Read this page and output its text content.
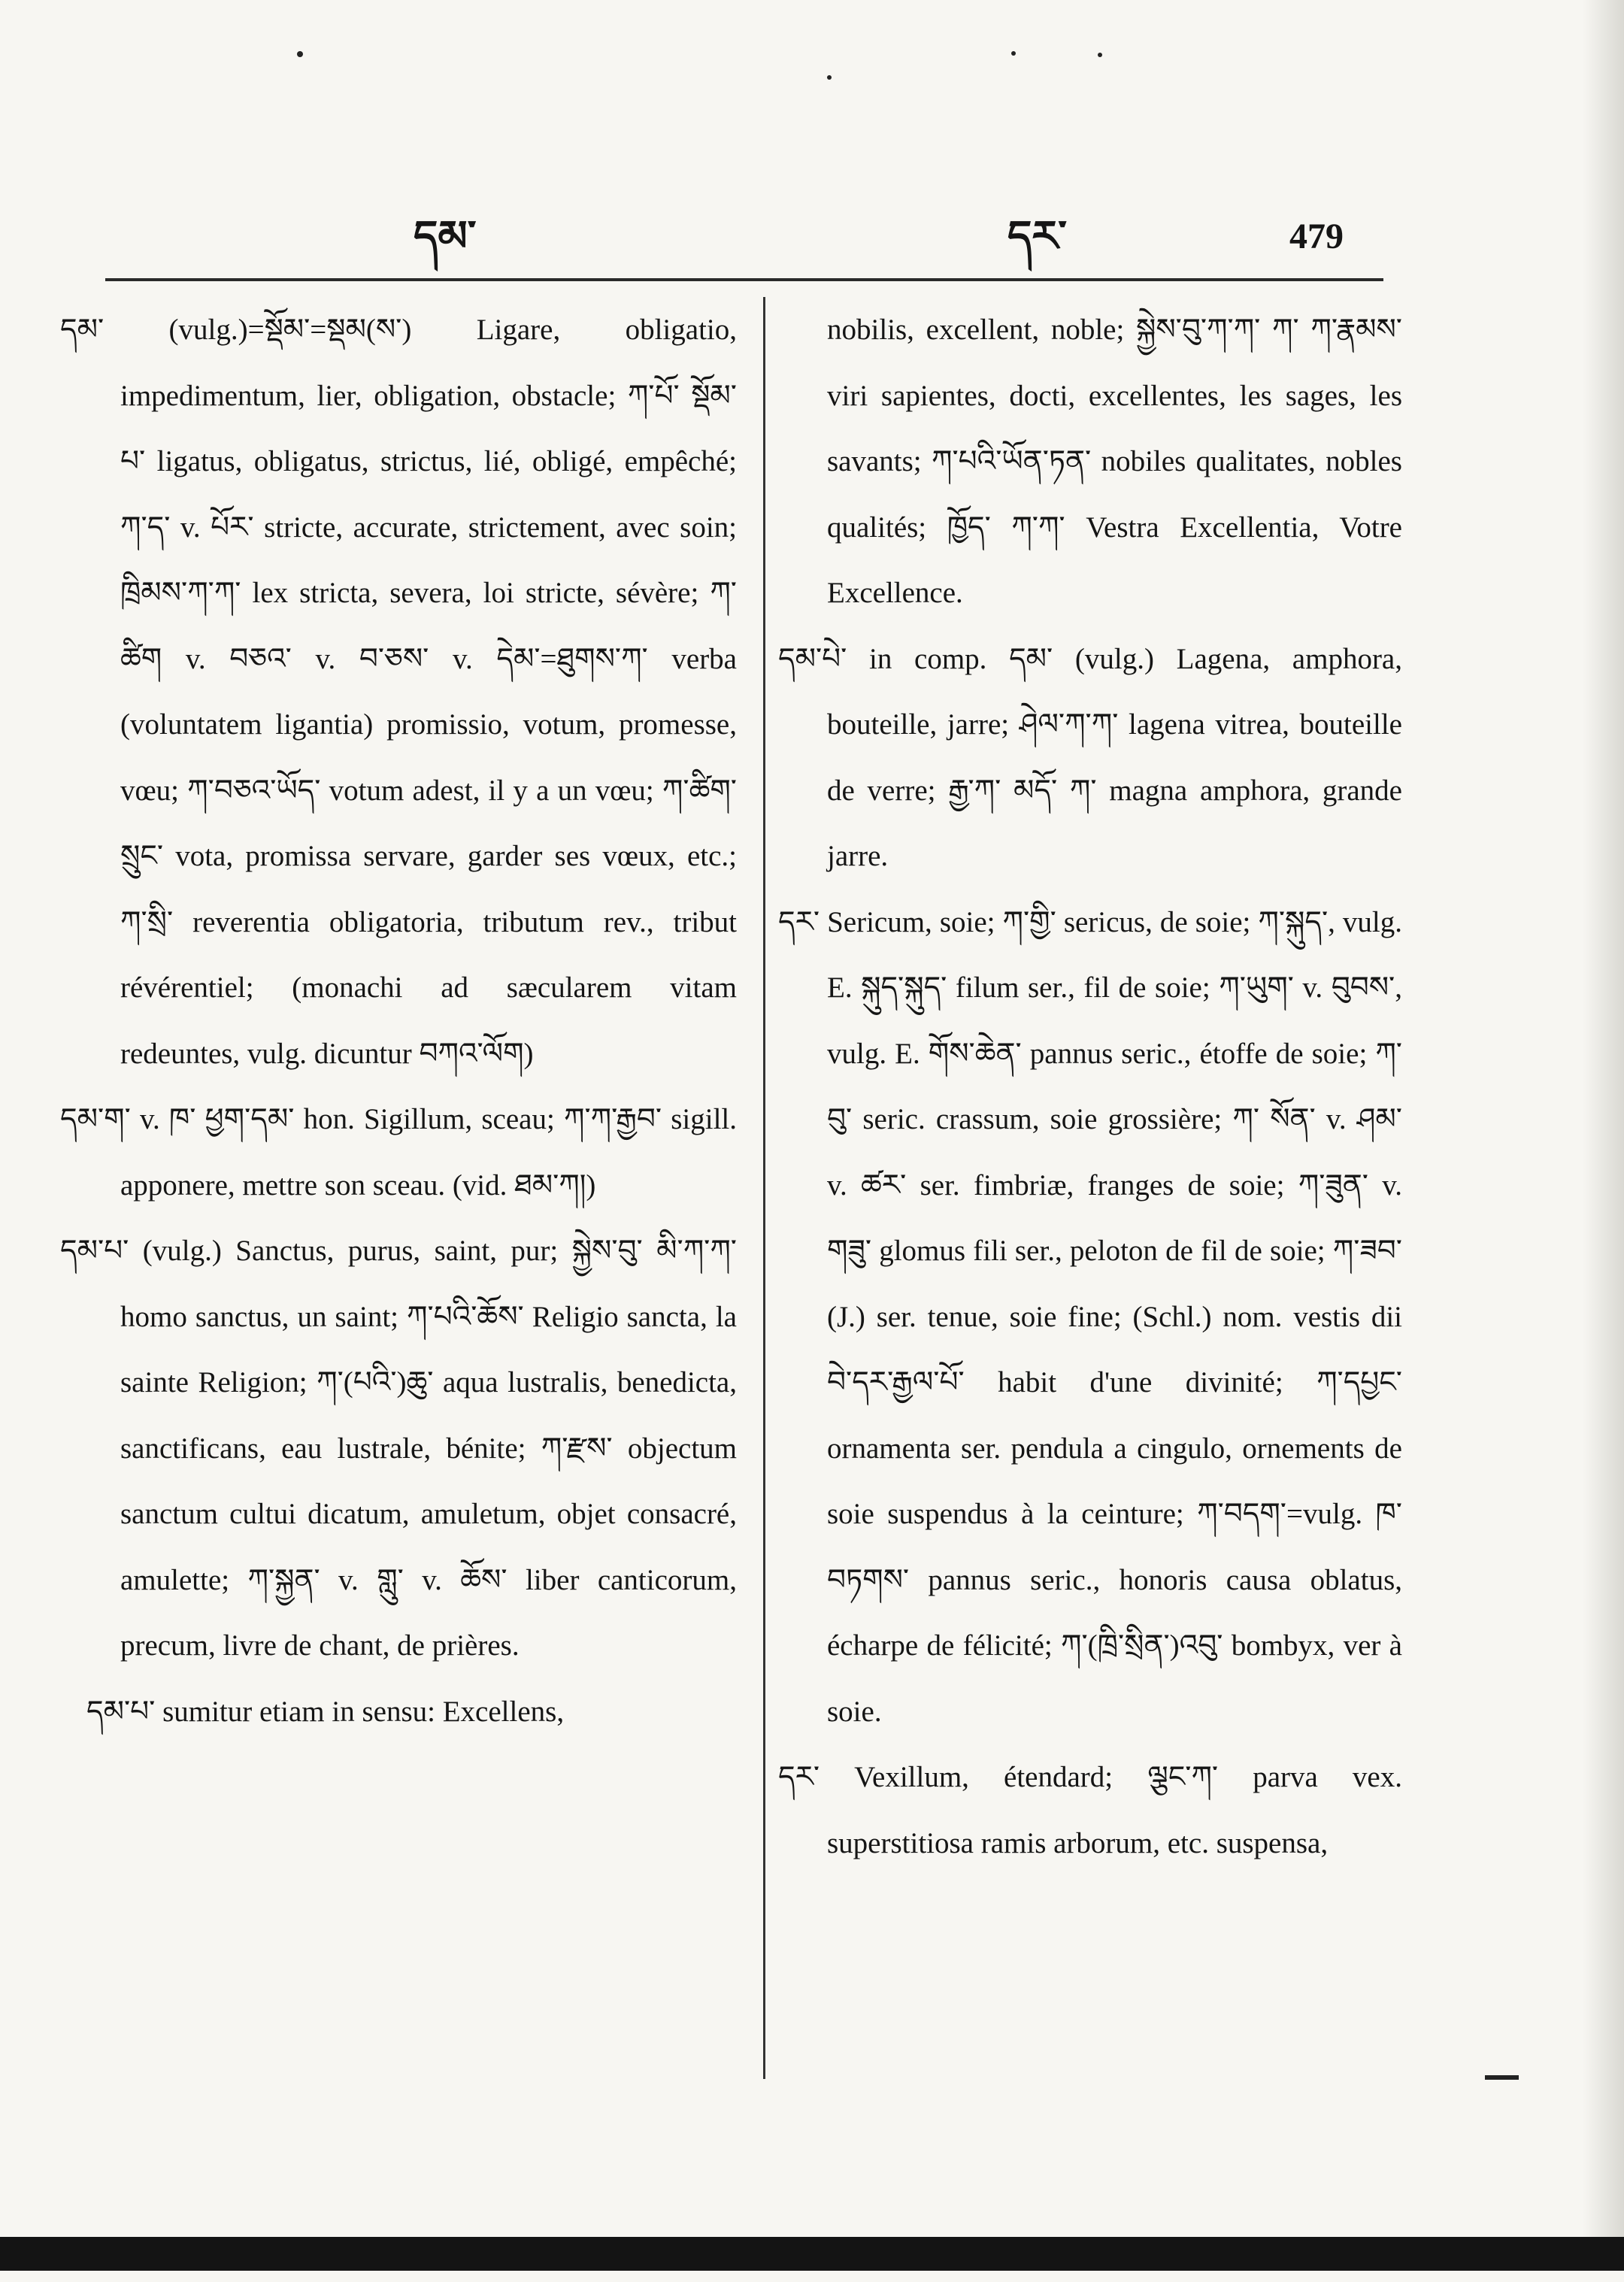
དམ་	དར་	479

དམ་ (vulg.)=སྡོམ་=སྡམ(ས་) Ligare, obligatio, impedimentum, lier, obligation, obstacle; ཀ་པོ་ སྡོམ་པ་ ligatus, obligatus, strictus, lié, obligé, empêché; ཀ་ད་ v. པོར་ stricte, accurate, strictement, avec soin; ཁྲིམས་ཀ་ཀ་ lex stricta, severa, loi stricte, sévère; ཀ་ཚིག v. བཅའ་ v. བ་ཅས་ v. དེམ་=ཐུགས་ཀ་ verba (voluntatem ligantia) promissio, votum, promesse, vœu; ཀ་བཅའ་ཡོད་ votum adest, il y a un vœu; ཀ་ཚིག་སྲུང་ vota, promissa servare, garder ses vœux, etc.; ཀ་སྲི་ reverentia obligatoria, tributum rev., tribut révérentiel; (monachi ad sæcularem vitam redeuntes, vulg. dicuntur བཀའ་ལོག)

དམ་ག་ v. ཁ་ ཕྱག་དམ་ hon. Sigillum, sceau; ཀ་ཀ་རྒྱབ་ sigill. apponere, mettre son sceau. (vid. ཐམ་ཀ།)

དམ་པ་ (vulg.) Sanctus, purus, saint, pur; སྐྱེས་བུ་ མི་ཀ་ཀ་ homo sanctus, un saint; ཀ་པའི་ཆོས་ Religio sancta, la sainte Religion; ཀ་(པའི་)ཆུ་ aqua lustralis, benedicta, sanctificans, eau lustrale, bénite; ཀ་རྫས་ objectum sanctum cultui dicatum, amuletum, objet consacré, amulette; ཀ་སྐྱན་ v. གླུ་ v. ཆོས་ liber canticorum, precum, livre de chant, de prières.

དམ་པ་ sumitur etiam in sensu: Excellens,

nobilis, excellent, noble; སྐྱེས་བུ་ཀ་ཀ་ ཀ་ ཀ་རྣམས་ viri sapientes, docti, excellentes, les sages, les savants; ཀ་པའི་ཡོན་ཏན་ nobiles qualitates, nobles qualités; ཁྱོད་ ཀ་ཀ་ Vestra Excellentia, Votre Excellence.

དམ་པེ་ in comp. དམ་ (vulg.) Lagena, amphora, bouteille, jarre; ཤེལ་ཀ་ཀ་ lagena vitrea, bouteille de verre; རྒྱ་ཀ་ མདོ་ ཀ་ magna amphora, grande jarre.

དར་ Sericum, soie; ཀ་གྱི་ sericus, de soie; ཀ་སྐུད་, vulg. E. སྐུད་སྐུད་ filum ser., fil de soie; ཀ་ཡུག་ v. བུབས་, vulg. E. གོས་ཆེན་ pannus seric., étoffe de soie; ཀ་བུ་ seric. crassum, soie grossière; ཀ་ སོན་ v. ཤམ་ v. ཚར་ ser. fimbriæ, franges de soie; ཀ་ཟུན་ v. གཟུ་ glomus fili ser., peloton de fil de soie; ཀ་ཟབ་ (J.) ser. tenue, soie fine; (Schl.) nom. vestis dii བེ་དར་རྒྱལ་པོ་ habit d'une divinité; ཀ་དཔྱང་ ornamenta ser. pendula a cingulo, ornements de soie suspendus à la ceinture; ཀ་བདག་=vulg. ཁ་བཏགས་ pannus seric., honoris causa oblatus, écharpe de félicité; ཀ་(ཁྲི་སྲིན་)འབུ་ bombyx, ver à soie.

དར་ Vexillum, étendard; ལྕང་ཀ་ parva vex. superstitiosa ramis arborum, etc. suspensa,
